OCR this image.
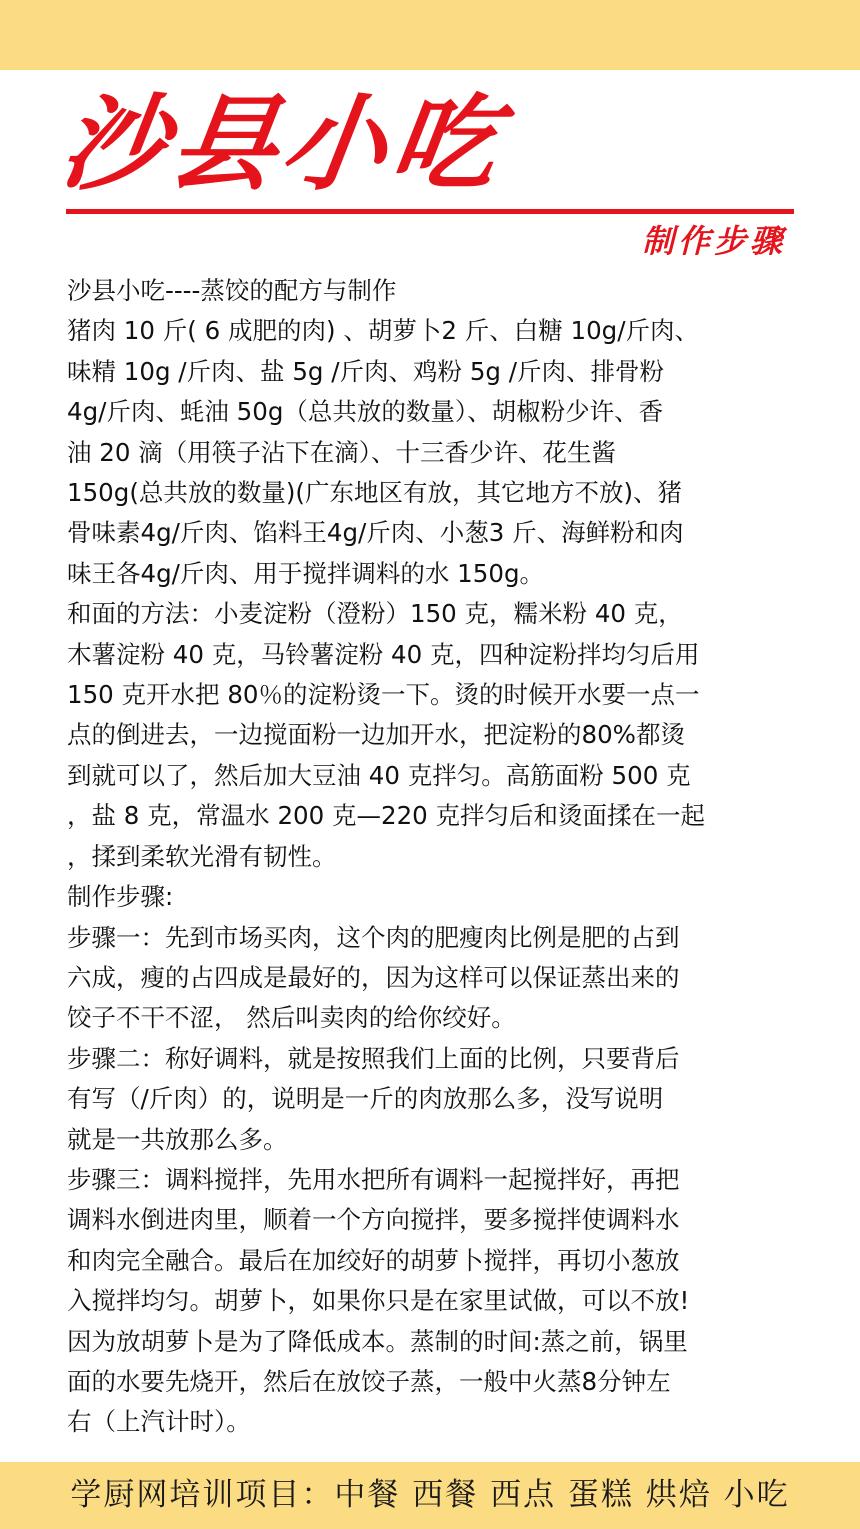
沙县小吃
制作步骤

沙县小吃----蒸饺的配方与制作

猪肉 10 斤( 6 成肥的肉) 、胡萝卜2 斤、白糖 10g/斤肉、

味精 10g /斤肉、盐 5g /斤肉、鸡粉 5g /斤肉、排骨粉

4g/斤肉、蚝油 50g（总共放的数量）、胡椒粉少许、香

油 20 滴（用筷子沾下在滴）、十三香少许、花生酱

150g(总共放的数量)(广东地区有放，其它地方不放)、猪

骨味素4g/斤肉、馅料王4g/斤肉、小葱3 斤、海鲜粉和肉

味王各4g/斤肉、用于搅拌调料的水 150g。

和面的方法：小麦淀粉（澄粉）150 克，糯米粉 40 克，

木薯淀粉 40 克，马铃薯淀粉 40 克，四种淀粉拌均匀后用

150 克开水把 80％的淀粉烫一下。烫的时候开水要一点一

点的倒进去，一边搅面粉一边加开水，把淀粉的80%都烫

到就可以了，然后加大豆油 40 克拌匀。高筋面粉 500 克

，盐 8 克，常温水 200 克—220 克拌匀后和烫面揉在一起

，揉到柔软光滑有韧性。

制作步骤:

步骤一：先到市场买肉，这个肉的肥瘦肉比例是肥的占到

六成，瘦的占四成是最好的，因为这样可以保证蒸出来的

饺子不干不涩， 然后叫卖肉的给你绞好。

步骤二：称好调料，就是按照我们上面的比例，只要背后

有写（/斤肉）的，说明是一斤的肉放那么多，没写说明

就是一共放那么多。

步骤三：调料搅拌，先用水把所有调料一起搅拌好，再把

调料水倒进肉里，顺着一个方向搅拌，要多搅拌使调料水

和肉完全融合。最后在加绞好的胡萝卜搅拌，再切小葱放

入搅拌均匀。胡萝卜，如果你只是在家里试做，可以不放!

因为放胡萝卜是为了降低成本。蒸制的时间:蒸之前，锅里

面的水要先烧开，然后在放饺子蒸，一般中火蒸8分钟左

右（上汽计时）。

学厨网培训项目：中餐 西餐 西点 蛋糕 烘焙 小吃
